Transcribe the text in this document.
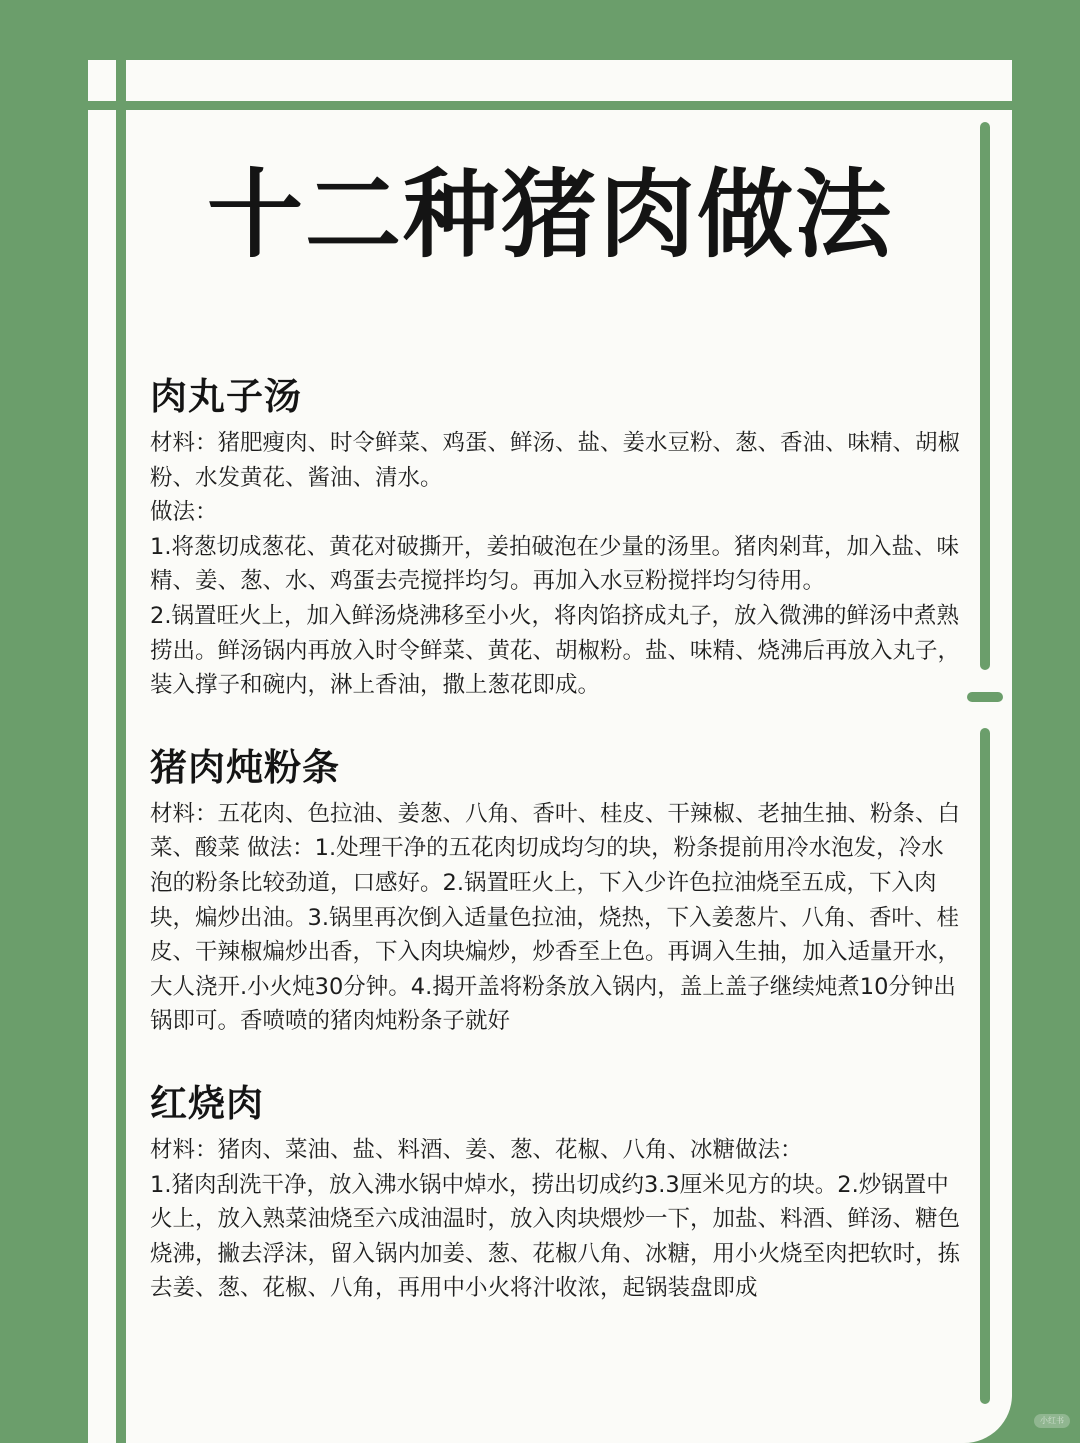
十二种猪肉做法
肉丸子汤

材料：猪肥瘦肉、时令鲜菜、鸡蛋、鲜汤、盐、姜水豆粉、葱、香油、味精、胡椒粉、水发黄花、酱油、清水。

做法：

1.将葱切成葱花、黄花对破撕开，姜拍破泡在少量的汤里。猪肉剁茸，加入盐、味精、姜、葱、水、鸡蛋去壳搅拌均匀。再加入水豆粉搅拌均匀待用。

2.锅置旺火上，加入鲜汤烧沸移至小火，将肉馅挤成丸子，放入微沸的鲜汤中煮熟捞出。鲜汤锅内再放入时令鲜菜、黄花、胡椒粉。盐、味精、烧沸后再放入丸子，装入撑子和碗内，淋上香油，撒上葱花即成。

猪肉炖粉条

材料：五花肉、色拉油、姜葱、八角、香叶、桂皮、干辣椒、老抽生抽、粉条、白菜、酸菜 做法：1.处理干净的五花肉切成均匀的块，粉条提前用冷水泡发，冷水泡的粉条比较劲道，口感好。2.锅置旺火上，下入少许色拉油烧至五成，下入肉块，煸炒出油。3.锅里再次倒入适量色拉油，烧热，下入姜葱片、八角、香叶、桂皮、干辣椒煸炒出香，下入肉块煸炒，炒香至上色。再调入生抽，加入适量开水，大人浇开.小火炖30分钟。4.揭开盖将粉条放入锅内，盖上盖子继续炖煮10分钟出锅即可。香喷喷的猪肉炖粉条子就好

红烧肉

材料：猪肉、菜油、盐、料酒、姜、葱、花椒、八角、冰糖做法：

1.猪肉刮洗干净，放入沸水锅中焯水，捞出切成约3.3厘米见方的块。2.炒锅置中火上，放入熟菜油烧至六成油温时，放入肉块煨炒一下，加盐、料酒、鲜汤、糖色烧沸，撇去浮沫，留入锅内加姜、葱、花椒八角、冰糖，用小火烧至肉把软时，拣去姜、葱、花椒、八角，再用中小火将汁收浓，起锅装盘即成

小红书
